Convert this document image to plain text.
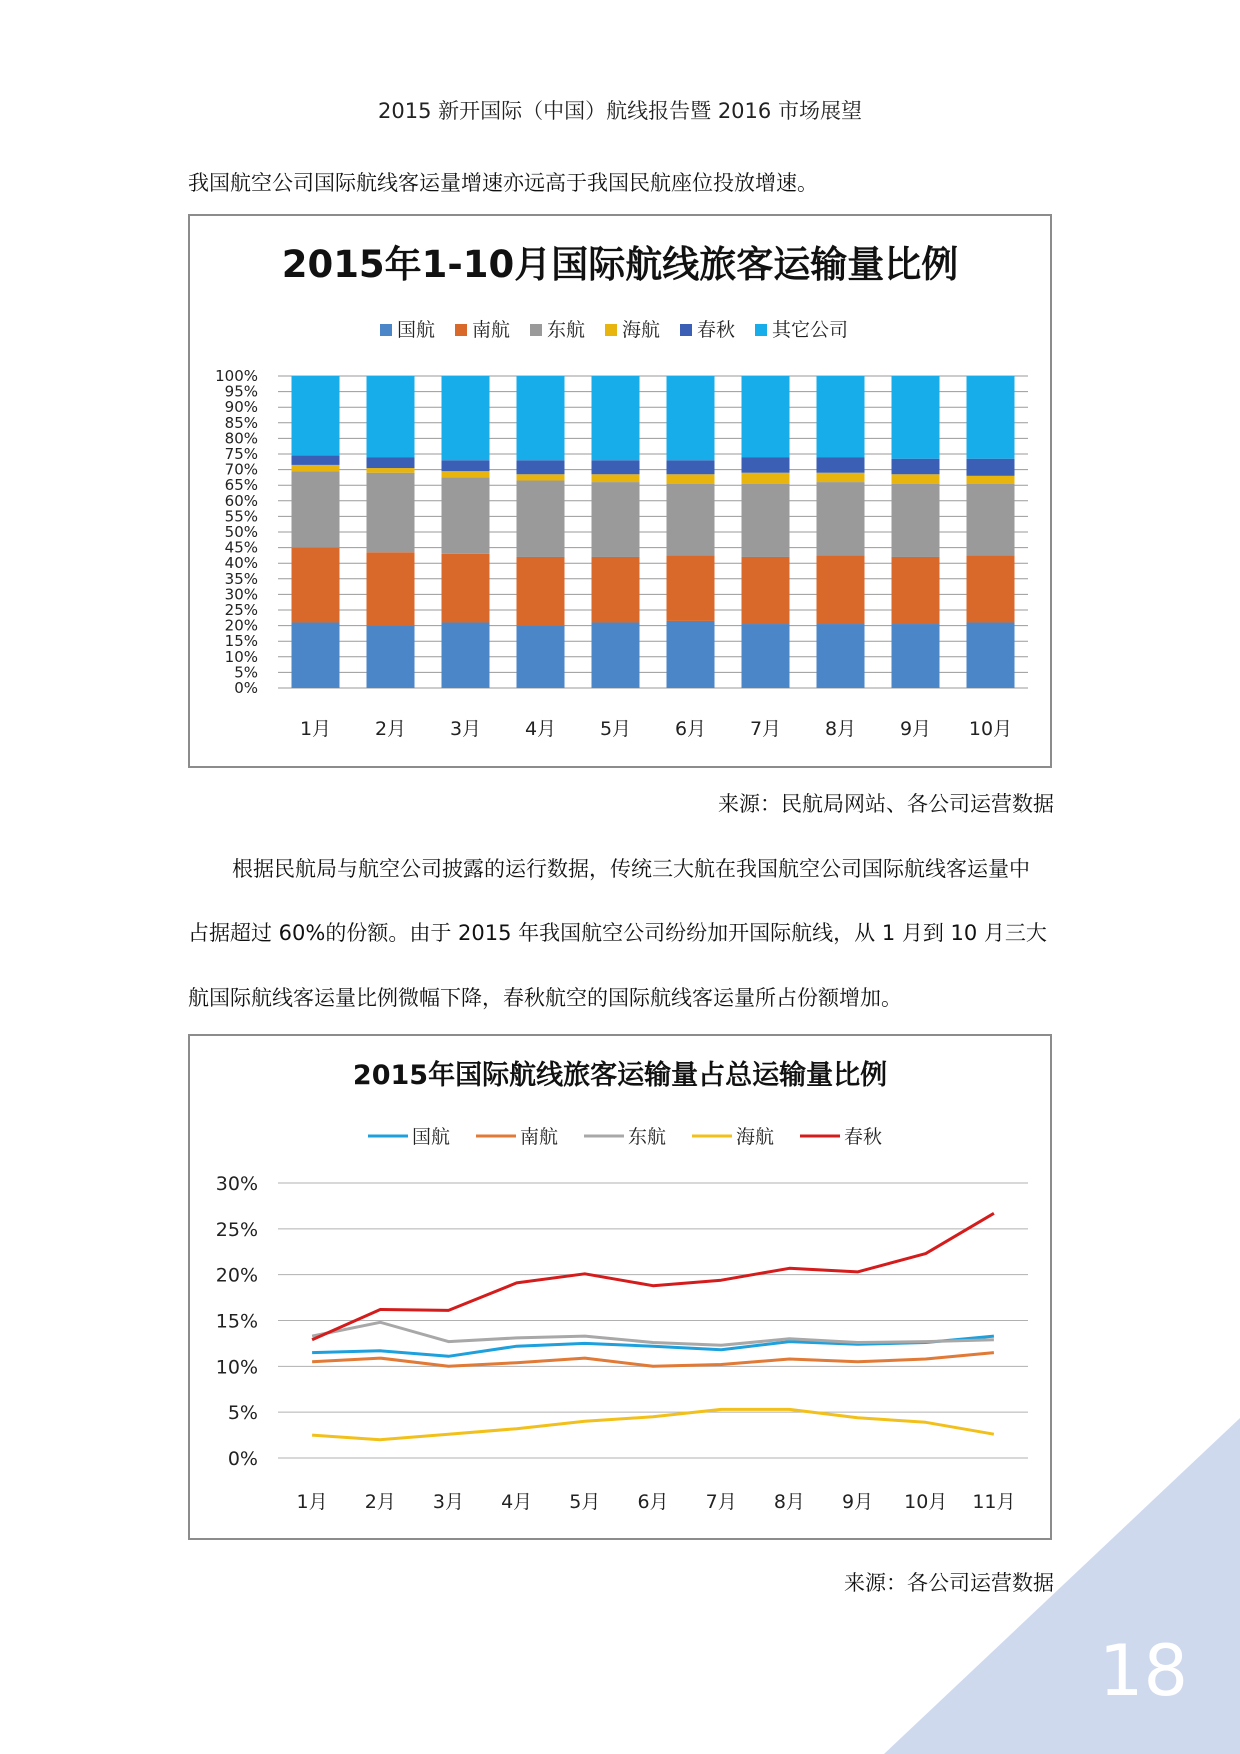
2015 新开国际（中国）航线报告暨 2016 市场展望
我国航空公司国际航线客运量增速亦远高于我国民航座位投放增速。
2015年1-10月国际航线旅客运输量比例
国航 南航 东航 海航 春秋 其它公司
0%
5%
10%
15%
20%
25%
30%
35%
40%
45%
50%
55%
60%
65%
70%
75%
80%
85%
90%
95%
100%
1月 2月 3月 4月 5月 6月 7月 8月 9月 10月
来源：民航局网站、各公司运营数据
根据民航局与航空公司披露的运行数据，传统三大航在我国航空公司国际航线客运量中
占据超过 60%的份额。由于 2015 年我国航空公司纷纷加开国际航线，从 1 月到 10 月三大
航国际航线客运量比例微幅下降，春秋航空的国际航线客运量所占份额增加。
2015年国际航线旅客运输量占总运输量比例
国航	南航	东航	海航	春秋
0%
5%
10%
15%
20%
25%
30%
1月 2月 3月 4月 5月 6月 7月 8月 9月 10月 11月
来源：各公司运营数据
18
